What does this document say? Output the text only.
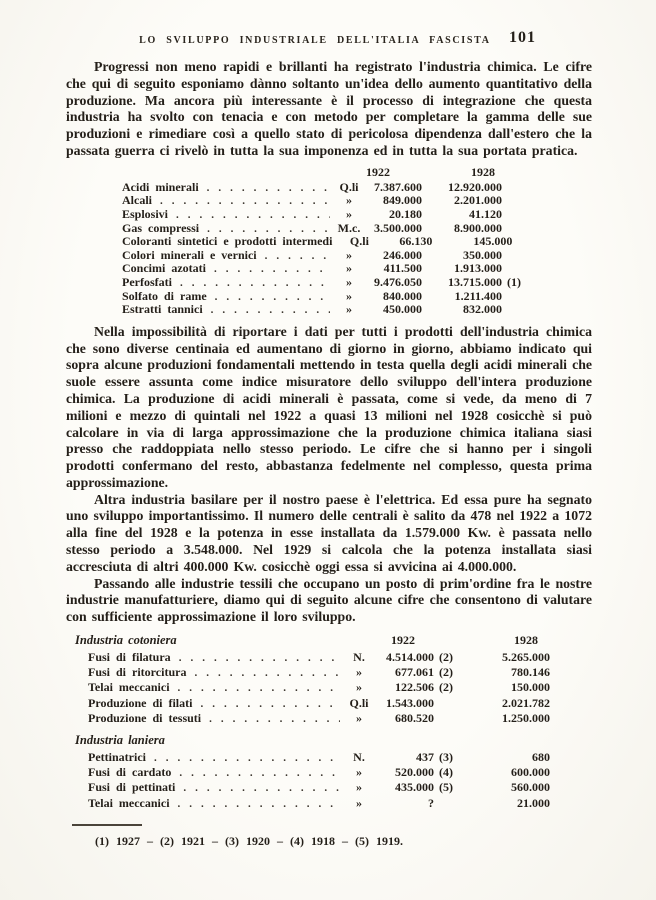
LO SVILUPPO INDUSTRIALE DELL'ITALIA FASCISTA 101

Progressi non meno rapidi e brillanti ha registrato l'industria chimica. Le cifre che qui di seguito esponiamo dànno soltanto un'idea dello aumento quantitativo della produzione. Ma ancora più interessante è il processo di integrazione che questa industria ha svolto con tenacia e con metodo per completare la gamma delle sue produzioni e rimediare così a quello stato di pericolosa dipendenza dall'estero che la passata guerra ci rivelò in tutta la sua imponenza ed in tutta la sua portata pratica.

1922	1928
Acidi minerali .....	Q.li	7.387.600	12.920.000
Alcali .....	»	849.000	2.201.000
Esplosivi .....	»	20.180	41.120
Gas compressi .....	M.c.	3.500.000	8.900.000
Coloranti sintetici e prodotti intermedi	Q.li	66.130	145.000
Colori minerali e vernici .....	»	246.000	350.000
Concimi azotati .....	»	411.500	1.913.000
Perfosfati .....	»	9.476.050	13.715.000 (1)
Solfato di rame .....	»	840.000	1.211.400
Estratti tannici .....	»	450.000	832.000

Nella impossibilità di riportare i dati per tutti i prodotti dell'industria chimica che sono diverse centinaia ed aumentano di giorno in giorno, abbiamo indicato qui sopra alcune produzioni fondamentali mettendo in testa quella degli acidi minerali che suole essere assunta come indice misuratore dello sviluppo dell'intera produzione chimica. La produzione di acidi minerali è passata, come si vede, da meno di 7 milioni e mezzo di quintali nel 1922 a quasi 13 milioni nel 1928 cosicchè si può calcolare in via di larga approssimazione che la produzione chimica italiana siasi presso che raddoppiata nello stesso periodo. Le cifre che si hanno per i singoli prodotti confermano del resto, abbastanza fedelmente nel complesso, questa prima approssimazione.

Altra industria basilare per il nostro paese è l'elettrica. Ed essa pure ha segnato uno sviluppo importantissimo. Il numero delle centrali è salito da 478 nel 1922 a 1072 alla fine del 1928 e la potenza in esse installata da 1.579.000 Kw. è passata nello stesso periodo a 3.548.000. Nel 1929 si calcola che la potenza installata siasi accresciuta di altri 400.000 Kw. cosicchè oggi essa si avvicina ai 4.000.000.

Passando alle industrie tessili che occupano un posto di prim'ordine fra le nostre industrie manufatturiere, diamo qui di seguito alcune cifre che consentono di valutare con sufficiente approssimazione il loro sviluppo.

Industria cotoniera	1922	1928
Fusi di filatura .....	N.	4.514.000 (2)	5.265.000
Fusi di ritorcitura .....	»	677.061 (2)	780.146
Telai meccanici .....	»	122.506 (2)	150.000
Produzione di filati .....	Q.li	1.543.000	2.021.782
Produzione di tessuti .....	»	680.520	1.250.000
Industria laniera
Pettinatrici .....	N.	437 (3)	680
Fusi di cardato .....	»	520.000 (4)	600.000
Fusi di pettinati .....	»	435.000 (5)	560.000
Telai meccanici .....	»	?	21.000
(1) 1927 – (2) 1921 – (3) 1920 – (4) 1918 – (5) 1919.
